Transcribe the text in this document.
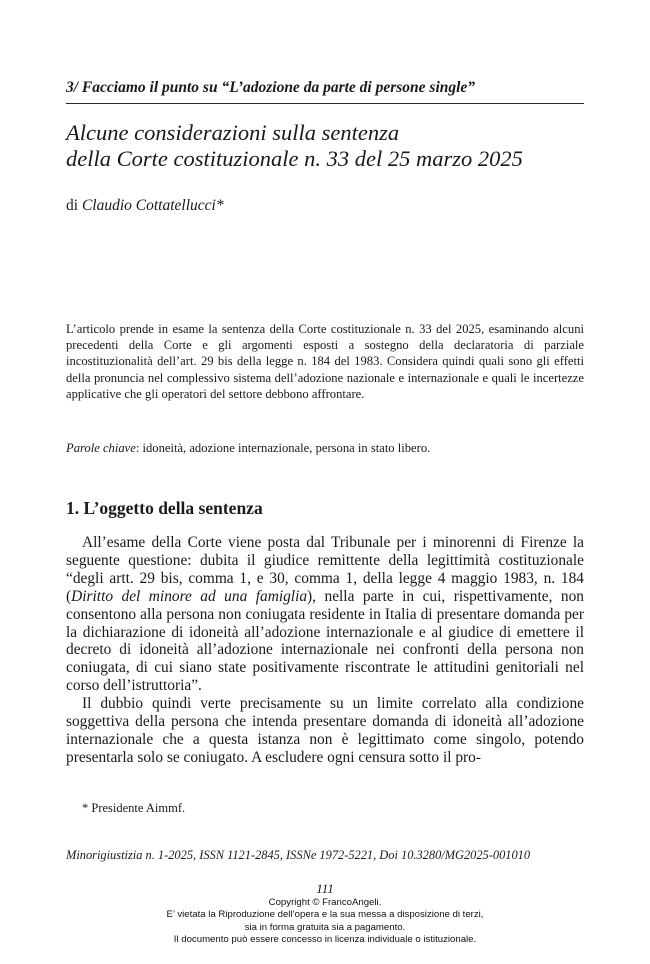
3/ Facciamo il punto su “L’adozione da parte di persone single”
Alcune considerazioni sulla sentenza
della Corte costituzionale n. 33 del 25 marzo 2025
di Claudio Cottatellucci*

L’articolo prende in esame la sentenza della Corte costituzionale n. 33 del 2025, esaminando alcuni precedenti della Corte e gli argomenti esposti a sostegno della declaratoria di parziale incostituzionalità dell’art. 29 bis della legge n. 184 del 1983. Considera quindi quali sono gli effetti della pronuncia nel complessivo sistema dell’adozione nazionale e internazionale e quali le incertezze applicative che gli operatori del settore debbono affrontare.

Parole chiave: idoneità, adozione internazionale, persona in stato libero.

1. L’oggetto della sentenza

All’esame della Corte viene posta dal Tribunale per i minorenni di Firenze la seguente questione: dubita il giudice remittente della legittimità costituzionale “degli artt. 29 bis, comma 1, e 30, comma 1, della legge 4 maggio 1983, n. 184 (Diritto del minore ad una famiglia), nella parte in cui, rispettivamente, non consentono alla persona non coniugata residente in Italia di presentare domanda per la dichiarazione di idoneità all’adozione internazionale e al giudice di emettere il decreto di idoneità all’adozione internazionale nei confronti della persona non coniugata, di cui siano state positivamente riscontrate le attitudini genitoriali nel corso dell’istruttoria”.

Il dubbio quindi verte precisamente su un limite correlato alla condizione soggettiva della persona che intenda presentare domanda di idoneità all’adozione internazionale che a questa istanza non è legittimato come singolo, potendo presentarla solo se coniugato. A escludere ogni censura sotto il pro-

* Presidente Aimmf.
Minorigiustizia n. 1-2025, ISSN 1121-2845, ISSNe 1972-5221, Doi 10.3280/MG2025-001010
111
Copyright © FrancoAngeli.
E’ vietata la Riproduzione dell’opera e la sua messa a disposizione di terzi,
sia in forma gratuita sia a pagamento.
Il documento può essere concesso in licenza individuale o istituzionale.
